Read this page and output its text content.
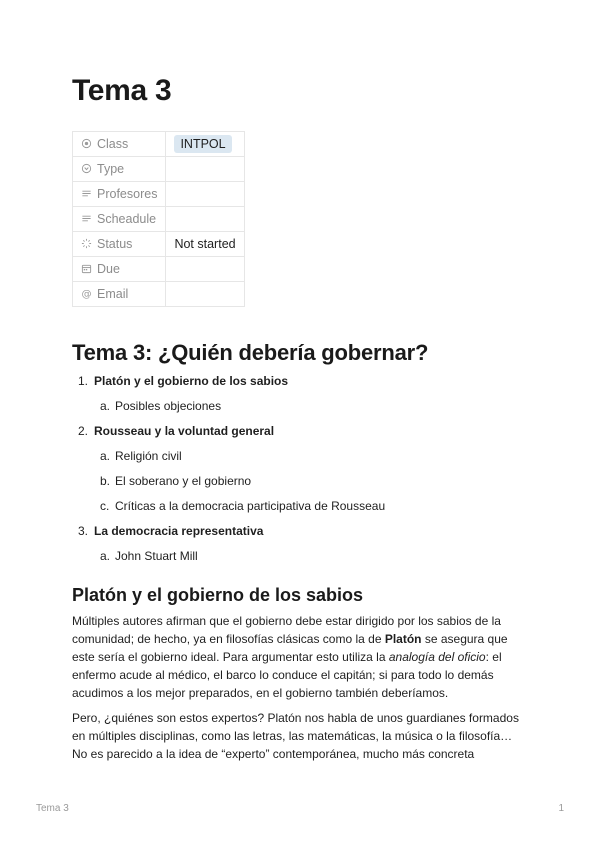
Tema 3
Class	INTPOL
Type	
Profesores	
Scheadule	
Status	Not started
Due	

@ Email	
Tema 3: ¿Quién debería gobernar?
1. Platón y el gobierno de los sabios
a. Posibles objeciones
2. Rousseau y la voluntad general
a. Religión civil
b. El soberano y el gobierno
c. Críticas a la democracia participativa de Rousseau
3. La democracia representativa
a. John Stuart Mill
Platón y el gobierno de los sabios
Múltiples autores afirman que el gobierno debe estar dirigido por los sabios de la
comunidad; de hecho, ya en filosofías clásicas como la de Platón se asegura que
este sería el gobierno ideal. Para argumentar esto utiliza la analogía del oficio: el
enfermo acude al médico, el barco lo conduce el capitán; si para todo lo demás
acudimos a los mejor preparados, en el gobierno también deberíamos.
Pero, ¿quiénes son estos expertos? Platón nos habla de unos guardianes formados
en múltiples disciplinas, como las letras, las matemáticas, la música o la filosofía…
No es parecido a la idea de “experto” contemporánea, mucho más concreta
Tema 3	1
